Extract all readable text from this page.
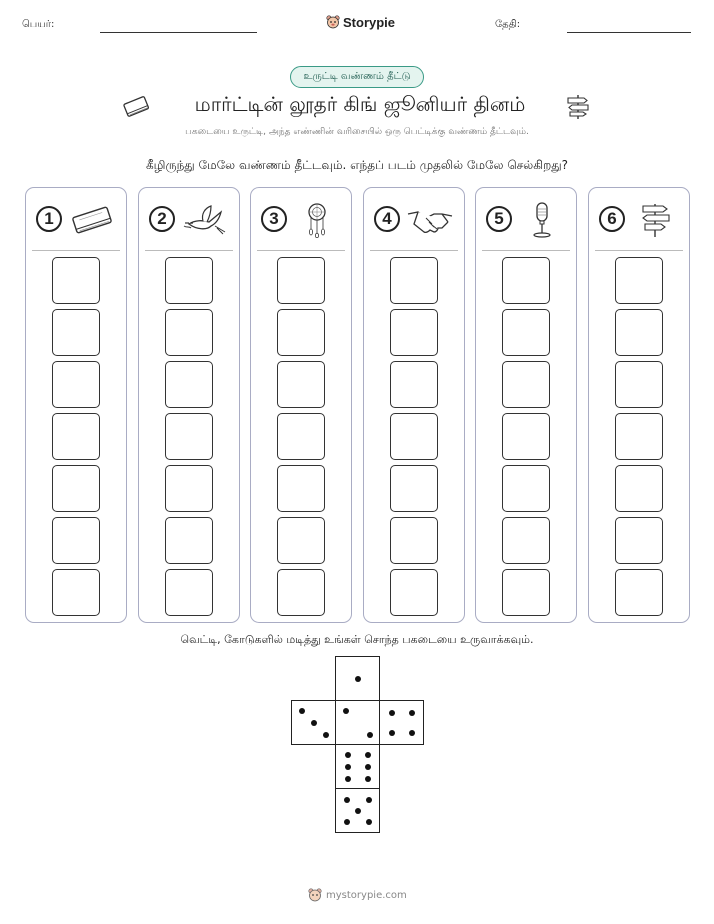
பெயர்:	Storypie	தேதி:
உருட்டி வண்ணம் தீட்டு
மார்ட்டின் லூதர் கிங் ஜூனியர் தினம்
பகடையை உருட்டி, அந்த எண்ணின் வரிசையில் ஒரு பெட்டிக்கு வண்ணம் தீட்டவும்.
கீழிருந்து மேலே வண்ணம் தீட்டவும். எந்தப் படம் முதலில் மேலே செல்கிறது?
1	2	3	4	5	6
வெட்டி, கோடுகளில் மடித்து உங்கள் சொந்த பகடையை உருவாக்கவும்.
mystorypie.com
